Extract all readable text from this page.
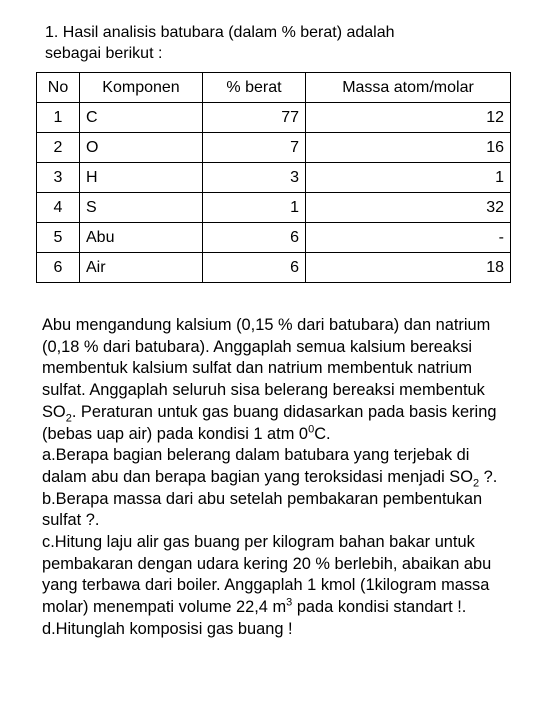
1. Hasil analisis batubara (dalam % berat) adalah
sebagai berikut :
No	Komponen	% berat	Massa atom/molar
1	C	77	12
2	O	7	16
3	H	3	1
4	S	1	32
5	Abu	6	-
6	Air	6	18

Abu mengandung kalsium (0,15 % dari batubara) dan natrium (0,18 % dari batubara). Anggaplah semua kalsium bereaksi membentuk kalsium sulfat dan natrium membentuk natrium sulfat. Anggaplah seluruh sisa belerang bereaksi membentuk $SO_2$. Peraturan untuk gas buang didasarkan pada basis kering (bebas uap air) pada kondisi 1 atm $0^0C$.

a.Berapa bagian belerang dalam batubara yang terjebak di dalam abu dan berapa bagian yang teroksidasi menjadi $SO_2$ ?.

b.Berapa massa dari abu setelah pembakaran pembentukan sulfat ?.

c.Hitung laju alir gas buang per kilogram bahan bakar untuk pembakaran dengan udara kering 20 % berlebih, abaikan abu yang terbawa dari boiler. Anggaplah 1 kmol (1kilogram massa molar) menempati volume 22,4 $m^3$ pada kondisi standart !.

d.Hitunglah komposisi gas buang !
